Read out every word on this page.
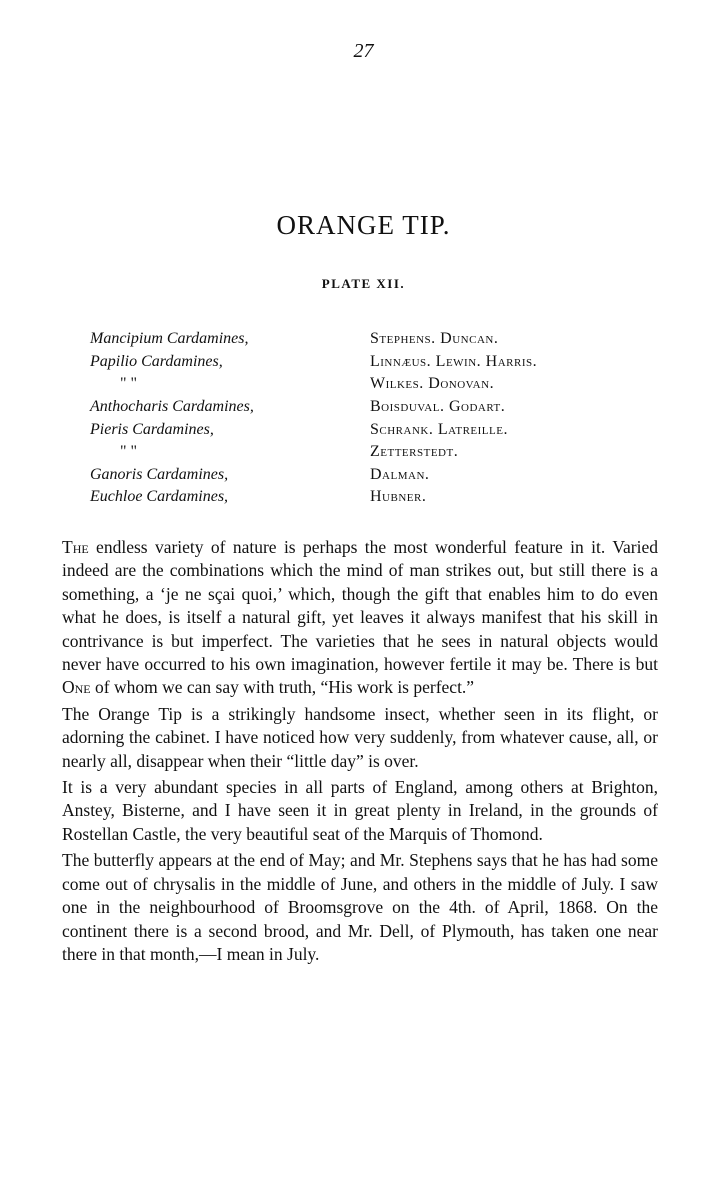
27
ORANGE TIP.
PLATE XII.
Mancipium Cardamines,	Stephens. Duncan.
Papilio Cardamines,	Linnæus. Lewin. Harris.
" "	Wilkes. Donovan.
Anthocharis Cardamines,	Boisduval. Godart.
Pieris Cardamines,	Schrank. Latreille.
" "	Zetterstedt.
Ganoris Cardamines,	Dalman.
Euchloe Cardamines,	Hubner.

The endless variety of nature is perhaps the most wonderful feature in it. Varied indeed are the combinations which the mind of man strikes out, but still there is a something, a ‘je ne sçai quoi,’ which, though the gift that enables him to do even what he does, is itself a natural gift, yet leaves it always manifest that his skill in contrivance is but imperfect. The varieties that he sees in natural objects would never have occurred to his own imagination, however fertile it may be. There is but One of whom we can say with truth, “His work is perfect.”

The Orange Tip is a strikingly handsome insect, whether seen in its flight, or adorning the cabinet. I have noticed how very suddenly, from whatever cause, all, or nearly all, disappear when their “little day” is over.

It is a very abundant species in all parts of England, among others at Brighton, Anstey, Bisterne, and I have seen it in great plenty in Ireland, in the grounds of Rostellan Castle, the very beautiful seat of the Marquis of Thomond.

The butterfly appears at the end of May; and Mr. Stephens says that he has had some come out of chrysalis in the middle of June, and others in the middle of July. I saw one in the neighbourhood of Broomsgrove on the 4th. of April, 1868. On the continent there is a second brood, and Mr. Dell, of Plymouth, has taken one near there in that month,—I mean in July.
